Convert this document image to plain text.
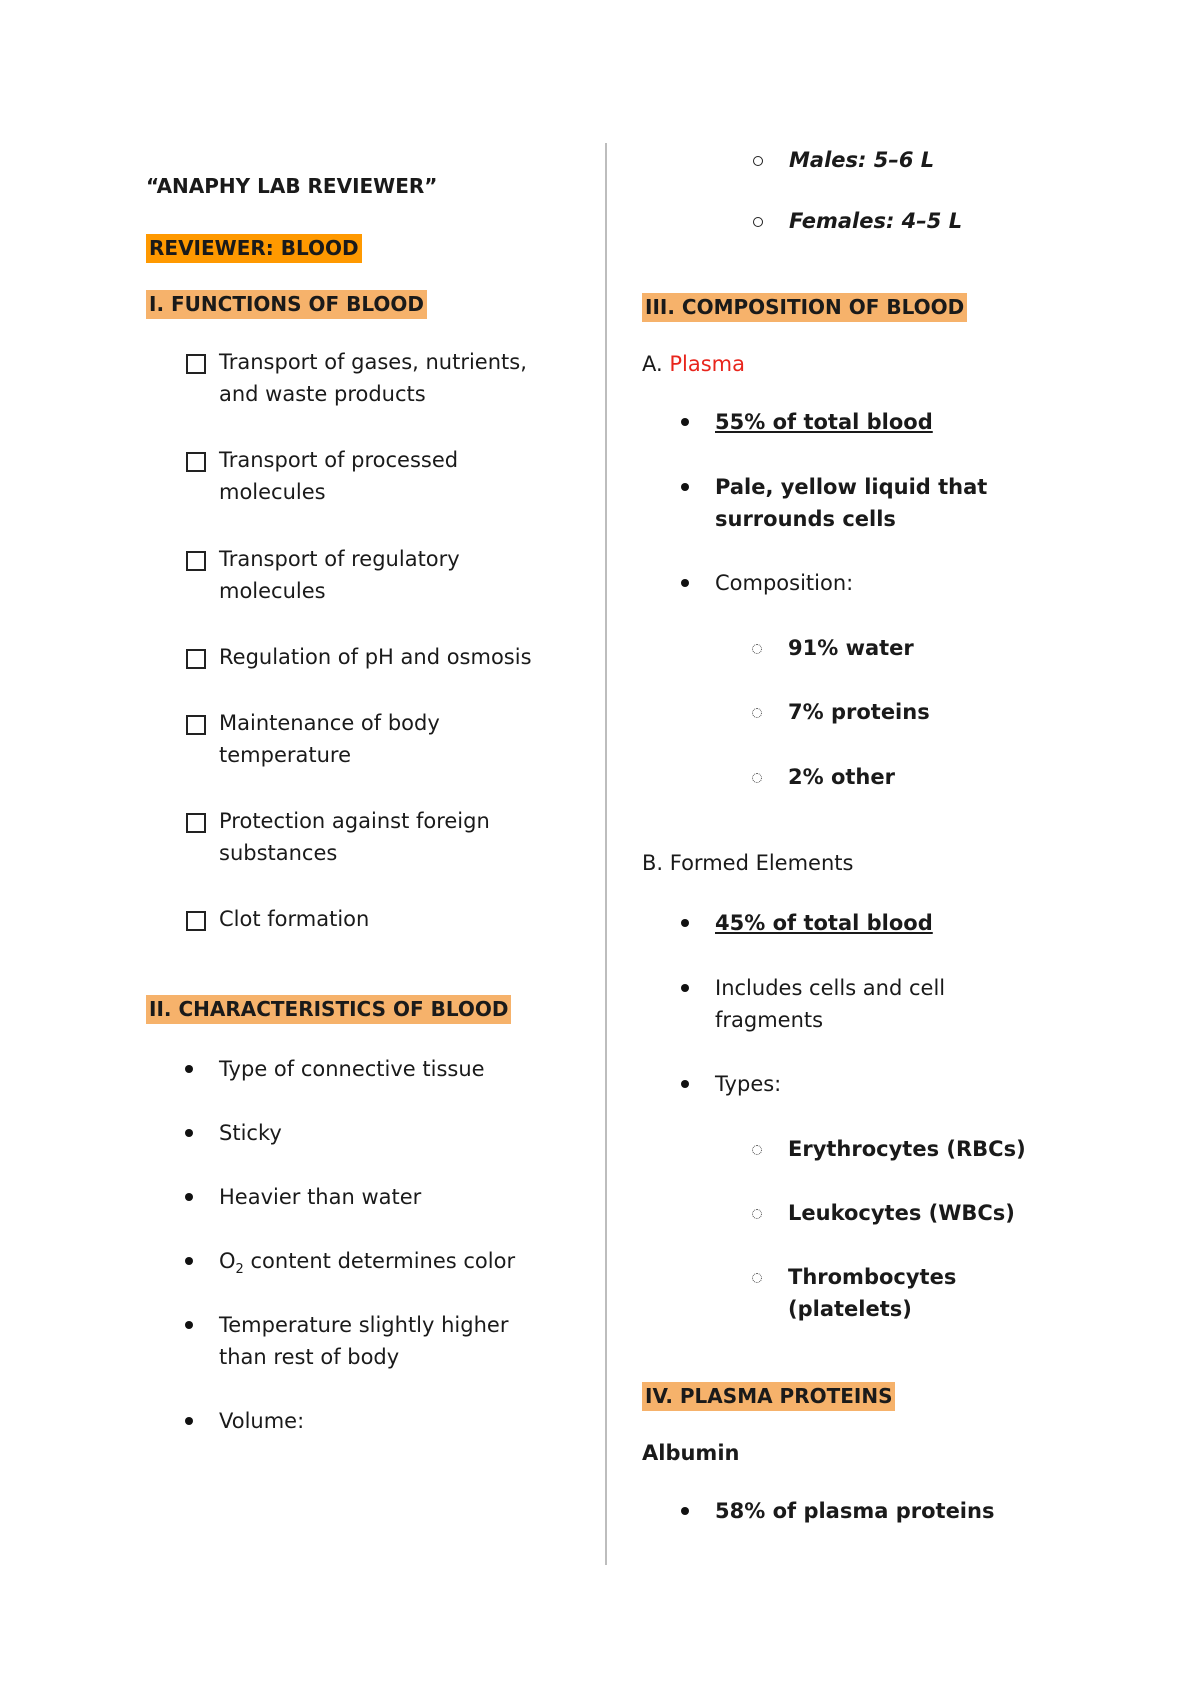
“ANAPHY LAB REVIEWER”
REVIEWER: BLOOD
I. FUNCTIONS OF BLOOD
Transport of gases, nutrients,
and waste products
Transport of processed
molecules
Transport of regulatory
molecules
Regulation of pH and osmosis
Maintenance of body
temperature
Protection against foreign
substances
Clot formation
II. CHARACTERISTICS OF BLOOD
Type of connective tissue
Sticky
Heavier than water
$O_2$ content determines color
Temperature slightly higher
than rest of body
Volume:
Males: 5–6 L
Females: 4–5 L
III. COMPOSITION OF BLOOD
A. Plasma
55% of total blood
Pale, yellow liquid that
surrounds cells
Composition:
91% water
7% proteins
2% other
B. Formed Elements
45% of total blood
Includes cells and cell
fragments
Types:
Erythrocytes (RBCs)
Leukocytes (WBCs)
Thrombocytes
(platelets)
IV. PLASMA PROTEINS
Albumin
58% of plasma proteins
